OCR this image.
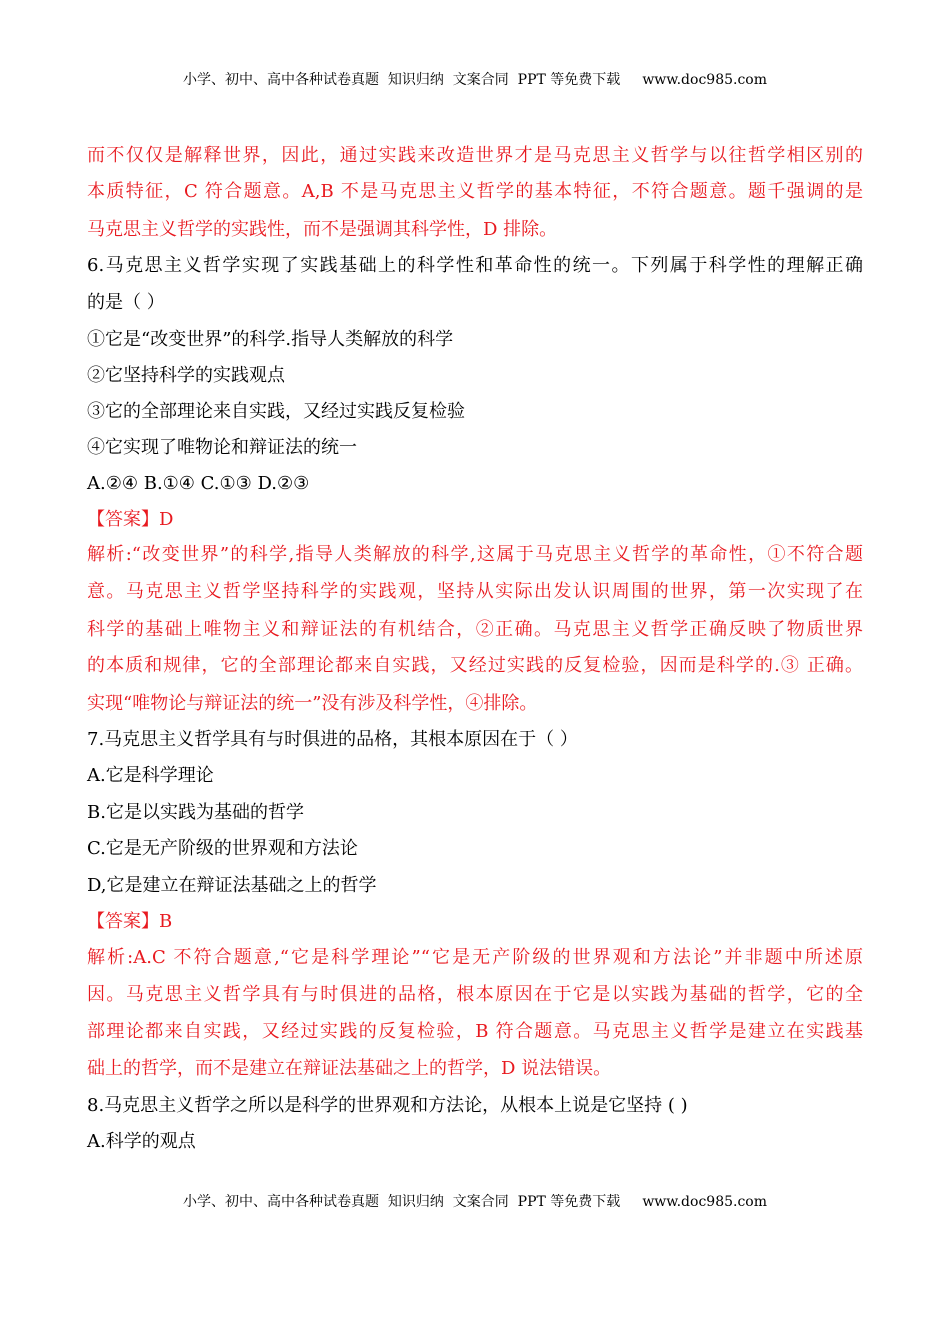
小学、初中、高中各种试卷真题  知识归纳  文案合同  PPT 等免费下载 www.doc985.com
而不仅仅是解释世界，因此，通过实践来改造世界才是马克思主义哲学与以往哲学相区别的
本质特征，C 符合题意。A,B 不是马克思主义哲学的基本特征，不符合题意。题千强调的是
马克思主义哲学的实践性，而不是强调其科学性，D 排除。
6.马克思主义哲学实现了实践基础上的科学性和革命性的统一。下列属于科学性的理解正确
的是（ ）
①它是“改变世界”的科学.指导人类解放的科学
②它坚持科学的实践观点
③它的全部理论来自实践，又经过实践反复检验
④它实现了唯物论和辩证法的统一
A.②④ B.①④ C.①③ D.②③
【答案】D
解析:“改变世界”的科学,指导人类解放的科学,这属于马克思主义哲学的革命性，①不符合题
意。马克思主义哲学坚持科学的实践观，坚持从实际出发认识周围的世界，第一次实现了在
科学的基础上唯物主义和辩证法的有机结合，②正确。马克思主义哲学正确反映了物质世界
的本质和规律，它的全部理论都来自实践，又经过实践的反复检验，因而是科学的.③ 正确。
实现“唯物论与辩证法的统一”没有涉及科学性，④排除。
7.马克思主义哲学具有与时俱进的品格，其根本原因在于（ ）
A.它是科学理论
B.它是以实践为基础的哲学
C.它是无产阶级的世界观和方法论
D,它是建立在辩证法基础之上的哲学
【答案】B
解析:A.C 不符合题意,“它是科学理论”“它是无产阶级的世界观和方法论”并非题中所述原
因。马克思主义哲学具有与时俱进的品格，根本原因在于它是以实践为基础的哲学，它的全
部理论都来自实践，又经过实践的反复检验，B 符合题意。马克思主义哲学是建立在实践基
础上的哲学，而不是建立在辩证法基础之上的哲学，D 说法错误。
8.马克思主义哲学之所以是科学的世界观和方法论，从根本上说是它坚持 ( )
A.科学的观点
小学、初中、高中各种试卷真题  知识归纳  文案合同  PPT 等免费下载 www.doc985.com
